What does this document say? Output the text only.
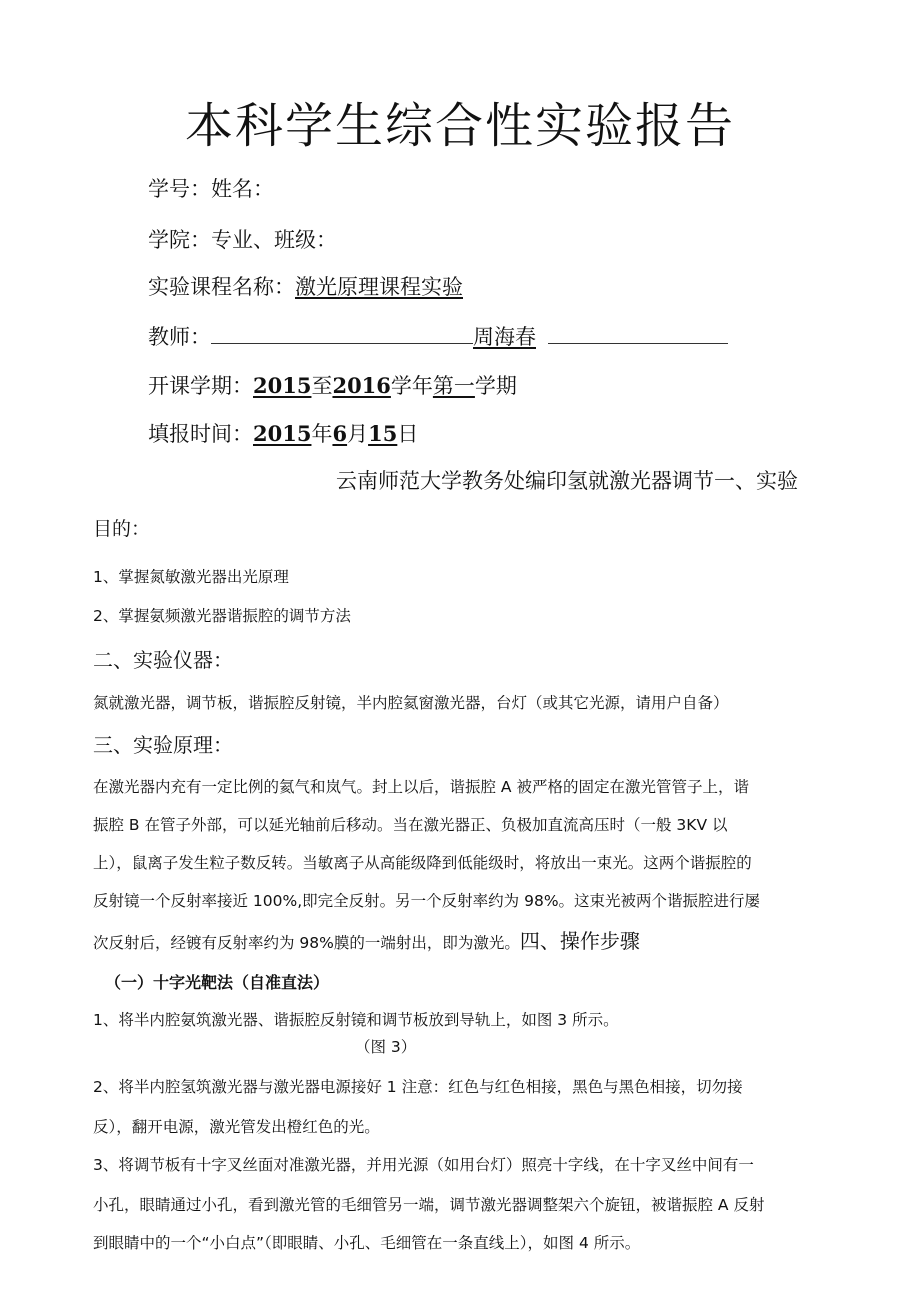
本科学生综合性实验报告
学号：姓名：
学院：专业、班级：
实验课程名称：激光原理课程实验
教师：	周海春
开课学期：2015至2016学年第一学期
填报时间：2015年6月15日
云南师范大学教务处编印氢就激光器调节一、实验
目的：
1、掌握氮敏激光器出光原理
2、掌握氨频激光器谐振腔的调节方法
二、实验仪器：
氮就激光器，调节板，谐振腔反射镜，半内腔氦窗激光器，台灯（或其它光源，请用户自备）
三、实验原理：
在激光器内充有一定比例的氦气和岚气。封上以后，谐振腔 A 被严格的固定在激光管管子上，谐
振腔 B 在管子外部，可以延光轴前后移动。当在激光器正、负极加直流高压时（一般 3KV 以
上），鼠离子发生粒子数反转。当敏离子从高能级降到低能级时，将放出一束光。这两个谐振腔的
反射镜一个反射率接近 100%,即完全反射。另一个反射率约为 98%。这束光被两个谐振腔进行屡
次反射后，经镀有反射率约为 98%膜的一端射出，即为激光。四、操作步骤
（一）十字光靶法（自准直法）
1、将半内腔氨筑激光器、谐振腔反射镜和调节板放到导轨上，如图 3 所示。
（图 3）
2、将半内腔氢筑激光器与激光器电源接好 1 注意：红色与红色相接，黑色与黑色相接，切勿接
反），翻开电源，激光管发出橙红色的光。
3、将调节板有十字叉丝面对准激光器，并用光源（如用台灯）照亮十字线，在十字叉丝中间有一
小孔，眼睛通过小孔，看到激光管的毛细管另一端，调节激光器调整架六个旋钮，被谐振腔 A 反射
到眼睛中的一个“小白点”（即眼睛、小孔、毛细管在一条直线上），如图 4 所示。
